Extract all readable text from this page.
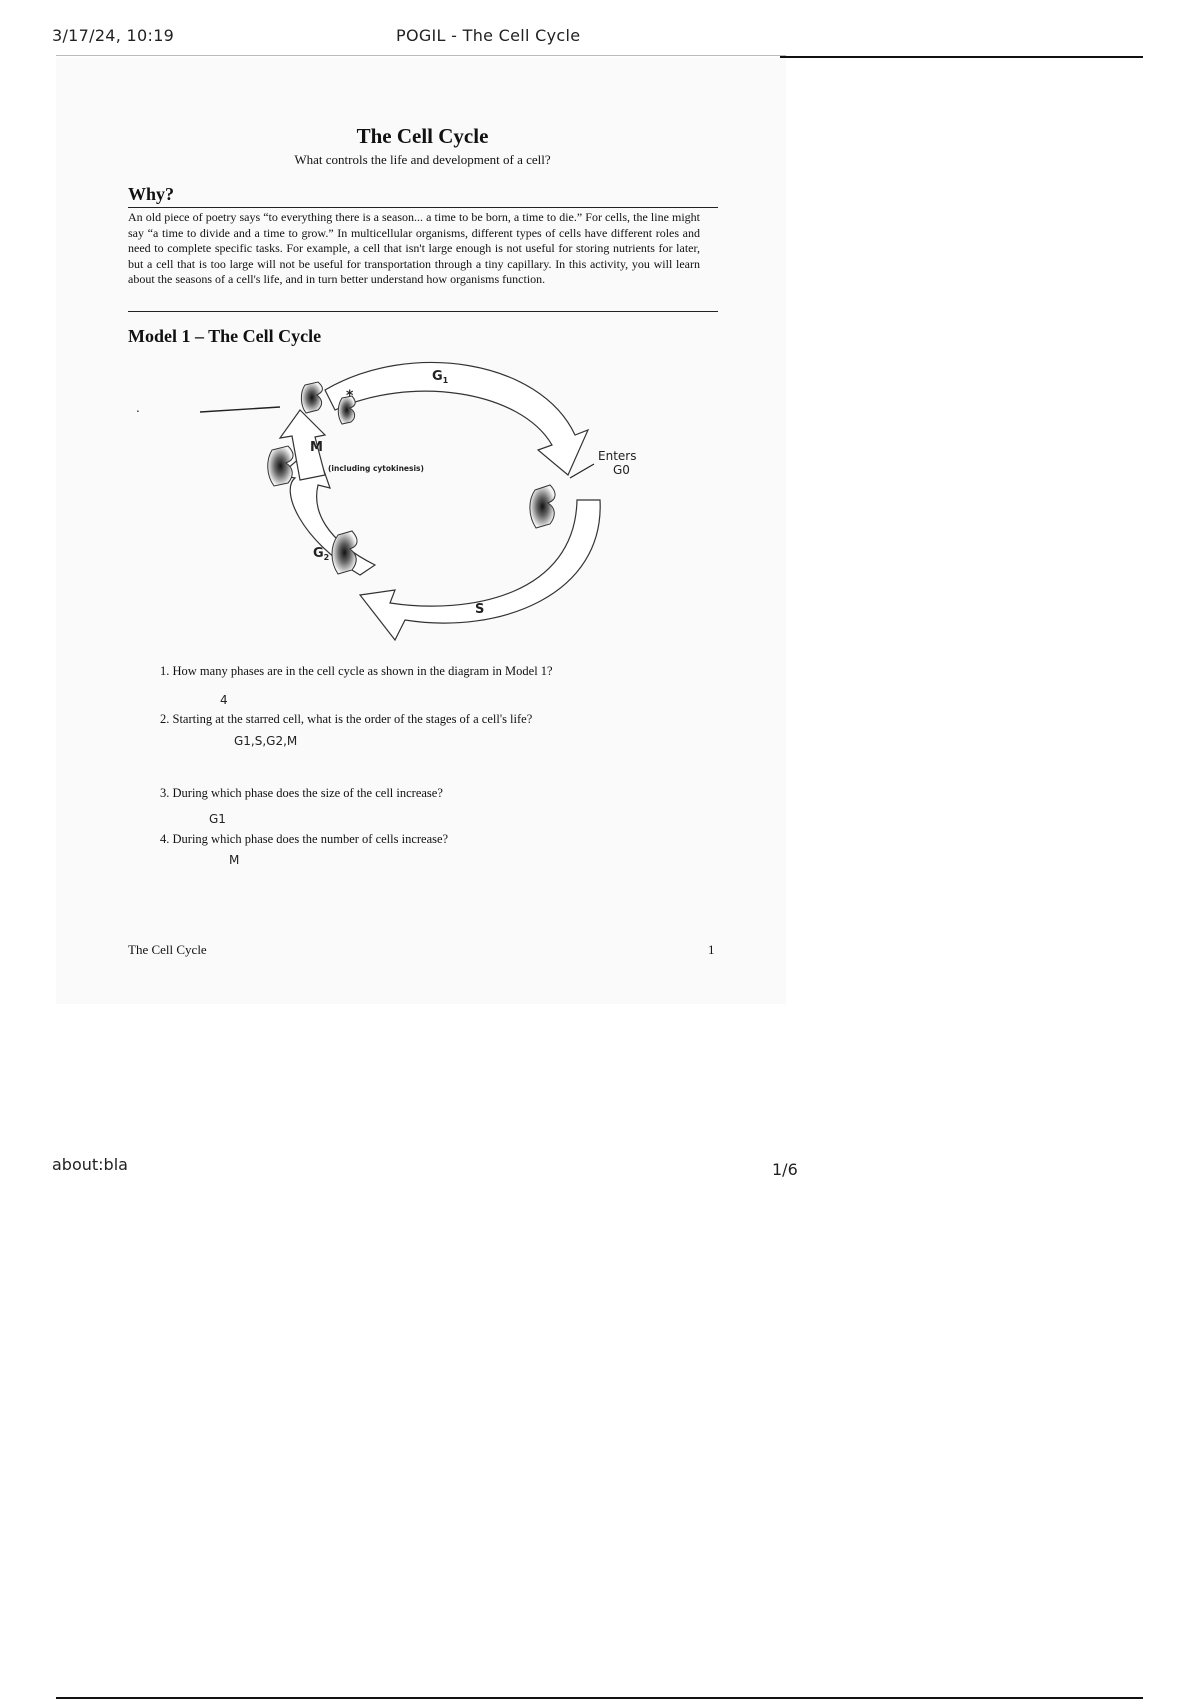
3/17/24, 10:19	POGIL - The Cell Cycle
The Cell Cycle
What controls the life and development of a cell?
Why?
An old piece of poetry says “to everything there is a season... a time to be born, a time to die.” For cells, the line might say “a time to divide and a time to grow.” In multicellular organisms, different types of cells have different roles and need to complete specific tasks. For example, a cell that isn't large enough is not useful for storing nutrients for later, but a cell that is too large will not be useful for transportation through a tiny capillary. In this activity, you will learn about the seasons of a cell's life, and in turn better understand how organisms function.
Model 1 – The Cell Cycle
.
*
$G_1$
$G_2$
S
M
(including cytokinesis)
Enters
G0
1. How many phases are in the cell cycle as shown in the diagram in Model 1?
4
2. Starting at the starred cell, what is the order of the stages of a cell's life?
G1,S,G2,M
3. During which phase does the size of the cell increase?
G1
4. During which phase does the number of cells increase?
M
The Cell Cycle	1
about:bla	1/6
